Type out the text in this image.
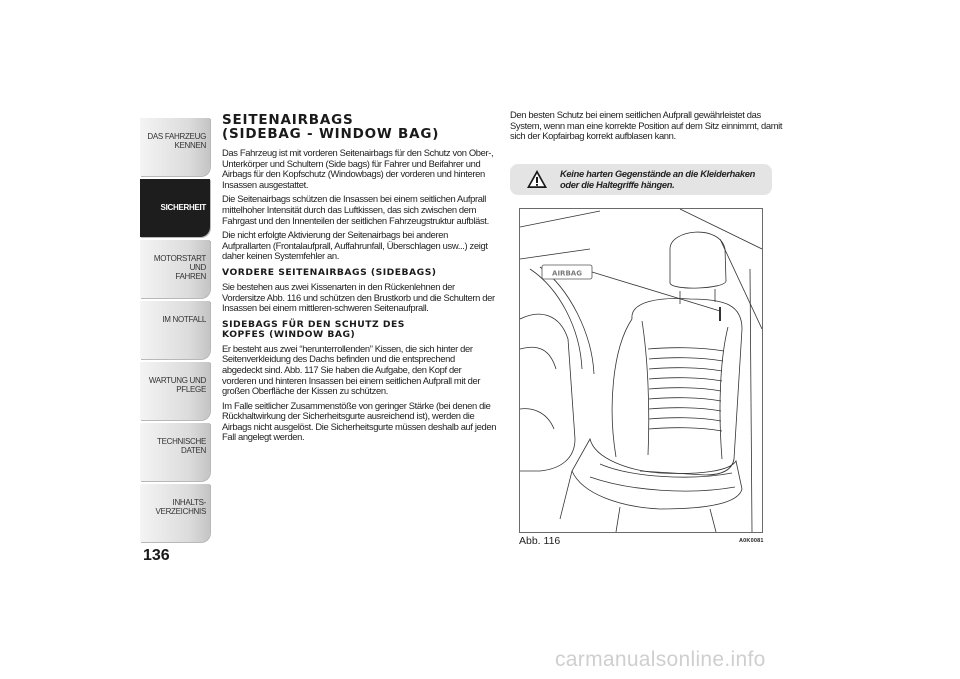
DAS FAHRZEUG
KENNEN
SICHERHEIT
MOTORSTART UND
FAHREN
IM NOTFALL
WARTUNG UND
PFLEGE
TECHNISCHE DATEN
INHALTS-
VERZEICHNIS
136
SEITENAIRBAGS
(SIDEBAG - WINDOW BAG)

Das Fahrzeug ist mit vorderen Seitenairbags für den Schutz von Ober-, Unterkörper und Schultern (Side bags) für Fahrer und Beifahrer und Airbags für den Kopfschutz (Windowbags) der vorderen und hinteren Insassen ausgestattet.

Die Seitenairbags schützen die Insassen bei einem seitlichen Aufprall mittelhoher Intensität durch das Luftkissen, das sich zwischen dem Fahrgast und den Innenteilen der seitlichen Fahrzeugstruktur aufbläst.

Die nicht erfolgte Aktivierung der Seitenairbags bei anderen Aufprallarten (Frontalaufprall, Auffahrunfall, Überschlagen usw...) zeigt daher keinen Systemfehler an.

VORDERE SEITENAIRBAGS (SIDEBAGS)

Sie bestehen aus zwei Kissenarten in den Rückenlehnen der Vordersitze Abb. 116 und schützen den Brustkorb und die Schultern der Insassen bei einem mittleren-schweren Seitenaufprall.

SIDEBAGS FÜR DEN SCHUTZ DES
KOPFES (WINDOW BAG)

Er besteht aus zwei “herunterrollenden” Kissen, die sich hinter der Seitenverkleidung des Dachs befinden und die entsprechend abgedeckt sind. Abb. 117 Sie haben die Aufgabe, den Kopf der vorderen und hinteren Insassen bei einem seitlichen Aufprall mit der großen Oberfläche der Kissen zu schützen.

Im Falle seitlicher Zusammenstöße von geringer Stärke (bei denen die Rückhaltwirkung der Sicherheitsgurte ausreichend ist), werden die Airbags nicht ausgelöst. Die Sicherheitsgurte müssen deshalb auf jeden Fall angelegt werden.

Den besten Schutz bei einem seitlichen Aufprall gewährleistet das System, wenn man eine korrekte Position auf dem Sitz einnimmt, damit sich der Kopfairbag korrekt aufblasen kann.

Keine harten Gegenstände an die Kleiderhaken oder die Haltegriffe hängen.
AIRBAG
Abb. 116	A0K0081
carmanualsonline.info
